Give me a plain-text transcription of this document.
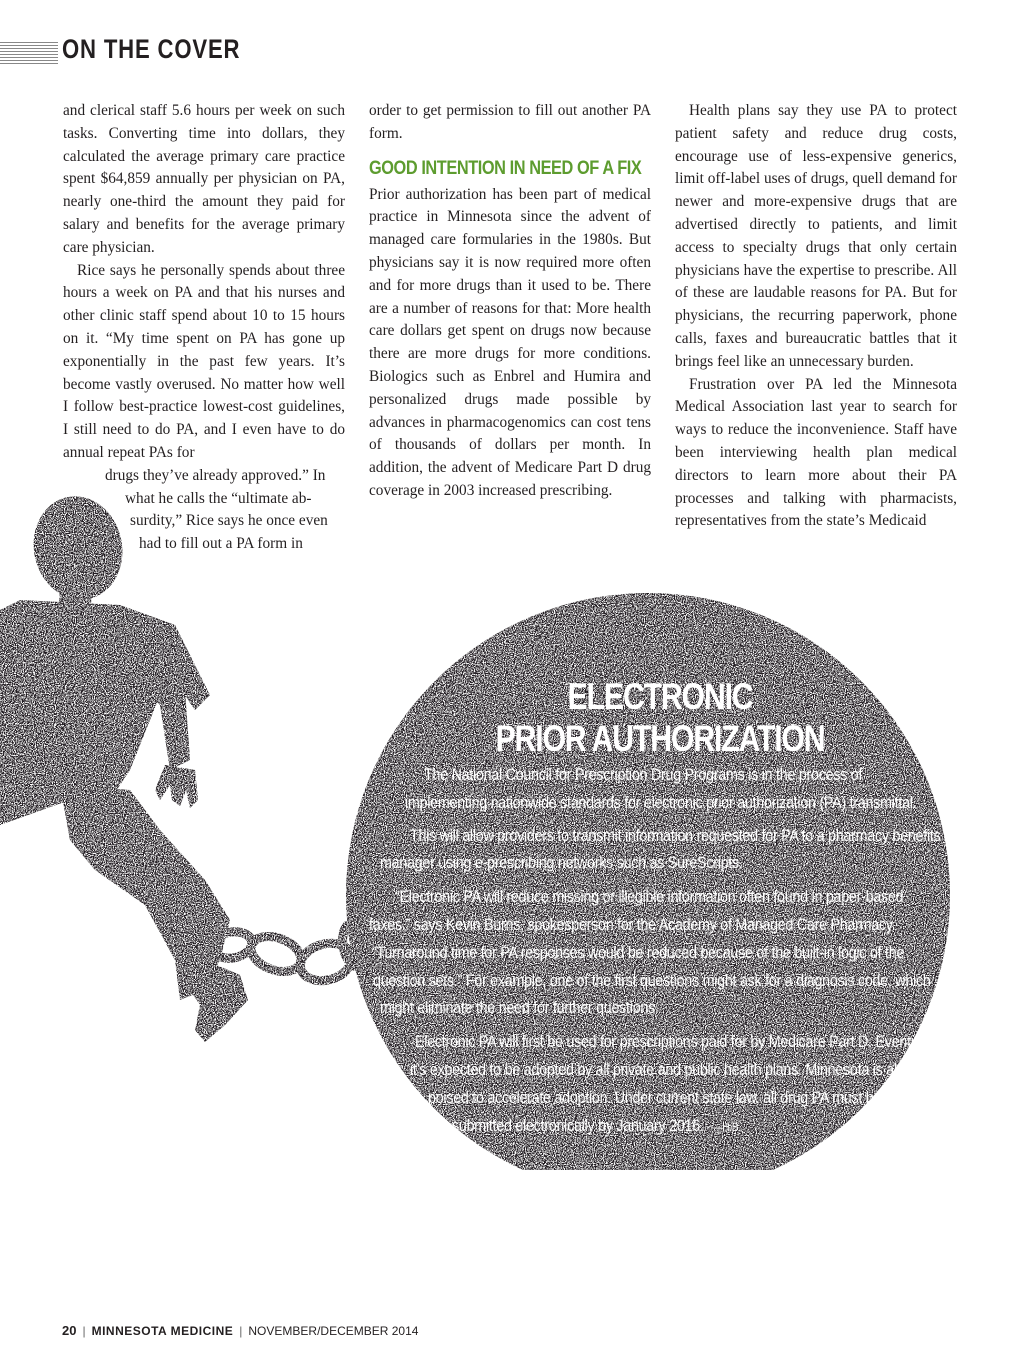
ON THE COVER

and clerical staff 5.6 hours per week on such tasks. Converting time into dollars, they calculated the average primary care practice spent $64,859 annually per physician on PA, nearly one-third the amount they paid for salary and benefits for the average primary care physician.

Rice says he personally spends about three hours a week on PA and that his nurses and other clinic staff spend about 10 to 15 hours on it. “My time spent on PA has gone up exponentially in the past few years. It’s become vastly overused. No matter how well I follow best-practice lowest-cost guidelines, I still need to do PA, and I even have to do annual repeat PAs for

drugs they’ve already approved.” In
what he calls the “ultimate ab-
surdity,” Rice says he once even
had to fill out a PA form in

order to get permission to fill out another PA form.

GOOD INTENTION IN NEED OF A FIX

Prior authorization has been part of medical practice in Minnesota since the advent of managed care formularies in the 1980s. But physicians say it is now required more often and for more drugs than it used to be. There are a number of reasons for that: More health care dollars get spent on drugs now because there are more drugs for more conditions. Biologics such as Enbrel and Humira and personalized drugs made possible by advances in pharmacogenomics can cost tens of thousands of dollars per month. In addition, the advent of Medicare Part D drug coverage in 2003 increased prescribing.

Health plans say they use PA to protect patient safety and reduce drug costs, encourage use of less-expensive generics, limit off-label uses of drugs, quell demand for newer and more-expensive drugs that are advertised directly to patients, and limit access to specialty drugs that only certain physicians have the expertise to prescribe. All of these are laudable reasons for PA. But for physicians, the recurring paperwork, phone calls, faxes and bureaucratic battles that it brings feel like an unnecessary burden.

Frustration over PA led the Minnesota Medical Association last year to search for ways to reduce the inconvenience. Staff have been interviewing health plan medical directors to learn more about their PA processes and talking with pharmacists, representatives from the state’s Medicaid

ELECTRONIC
PRIOR AUTHORIZATION
The National Council for Prescription Drug Programs is in the process of
implementing nationwide standards for electronic prior authorization (PA) transmittal.
This will allow providers to transmit information requested for PA to a pharmacy benefits
manager using e-prescribing networks such as SureScripts.
“Electronic PA will reduce missing or illegible information often found in paper-based
faxes,” says Kevin Burns, spokesperson for the Academy of Managed Care Pharmacy.
“Turnaround time for PA responses would be reduced because of the built-in logic of the
question sets.” For example, one of the first questions might ask for a diagnosis code, which
might eliminate the need for further questions.
Electronic PA will first be used for prescriptions paid for by Medicare Part D. Eventually
it’s expected to be adopted by all private and public health plans. Minnesota is already
poised to accelerate adoption. Under current state law, all drug PA must be
submitted electronically by January 2016. —H.B.
20 | MINNESOTA MEDICINE | NOVEMBER/DECEMBER 2014
